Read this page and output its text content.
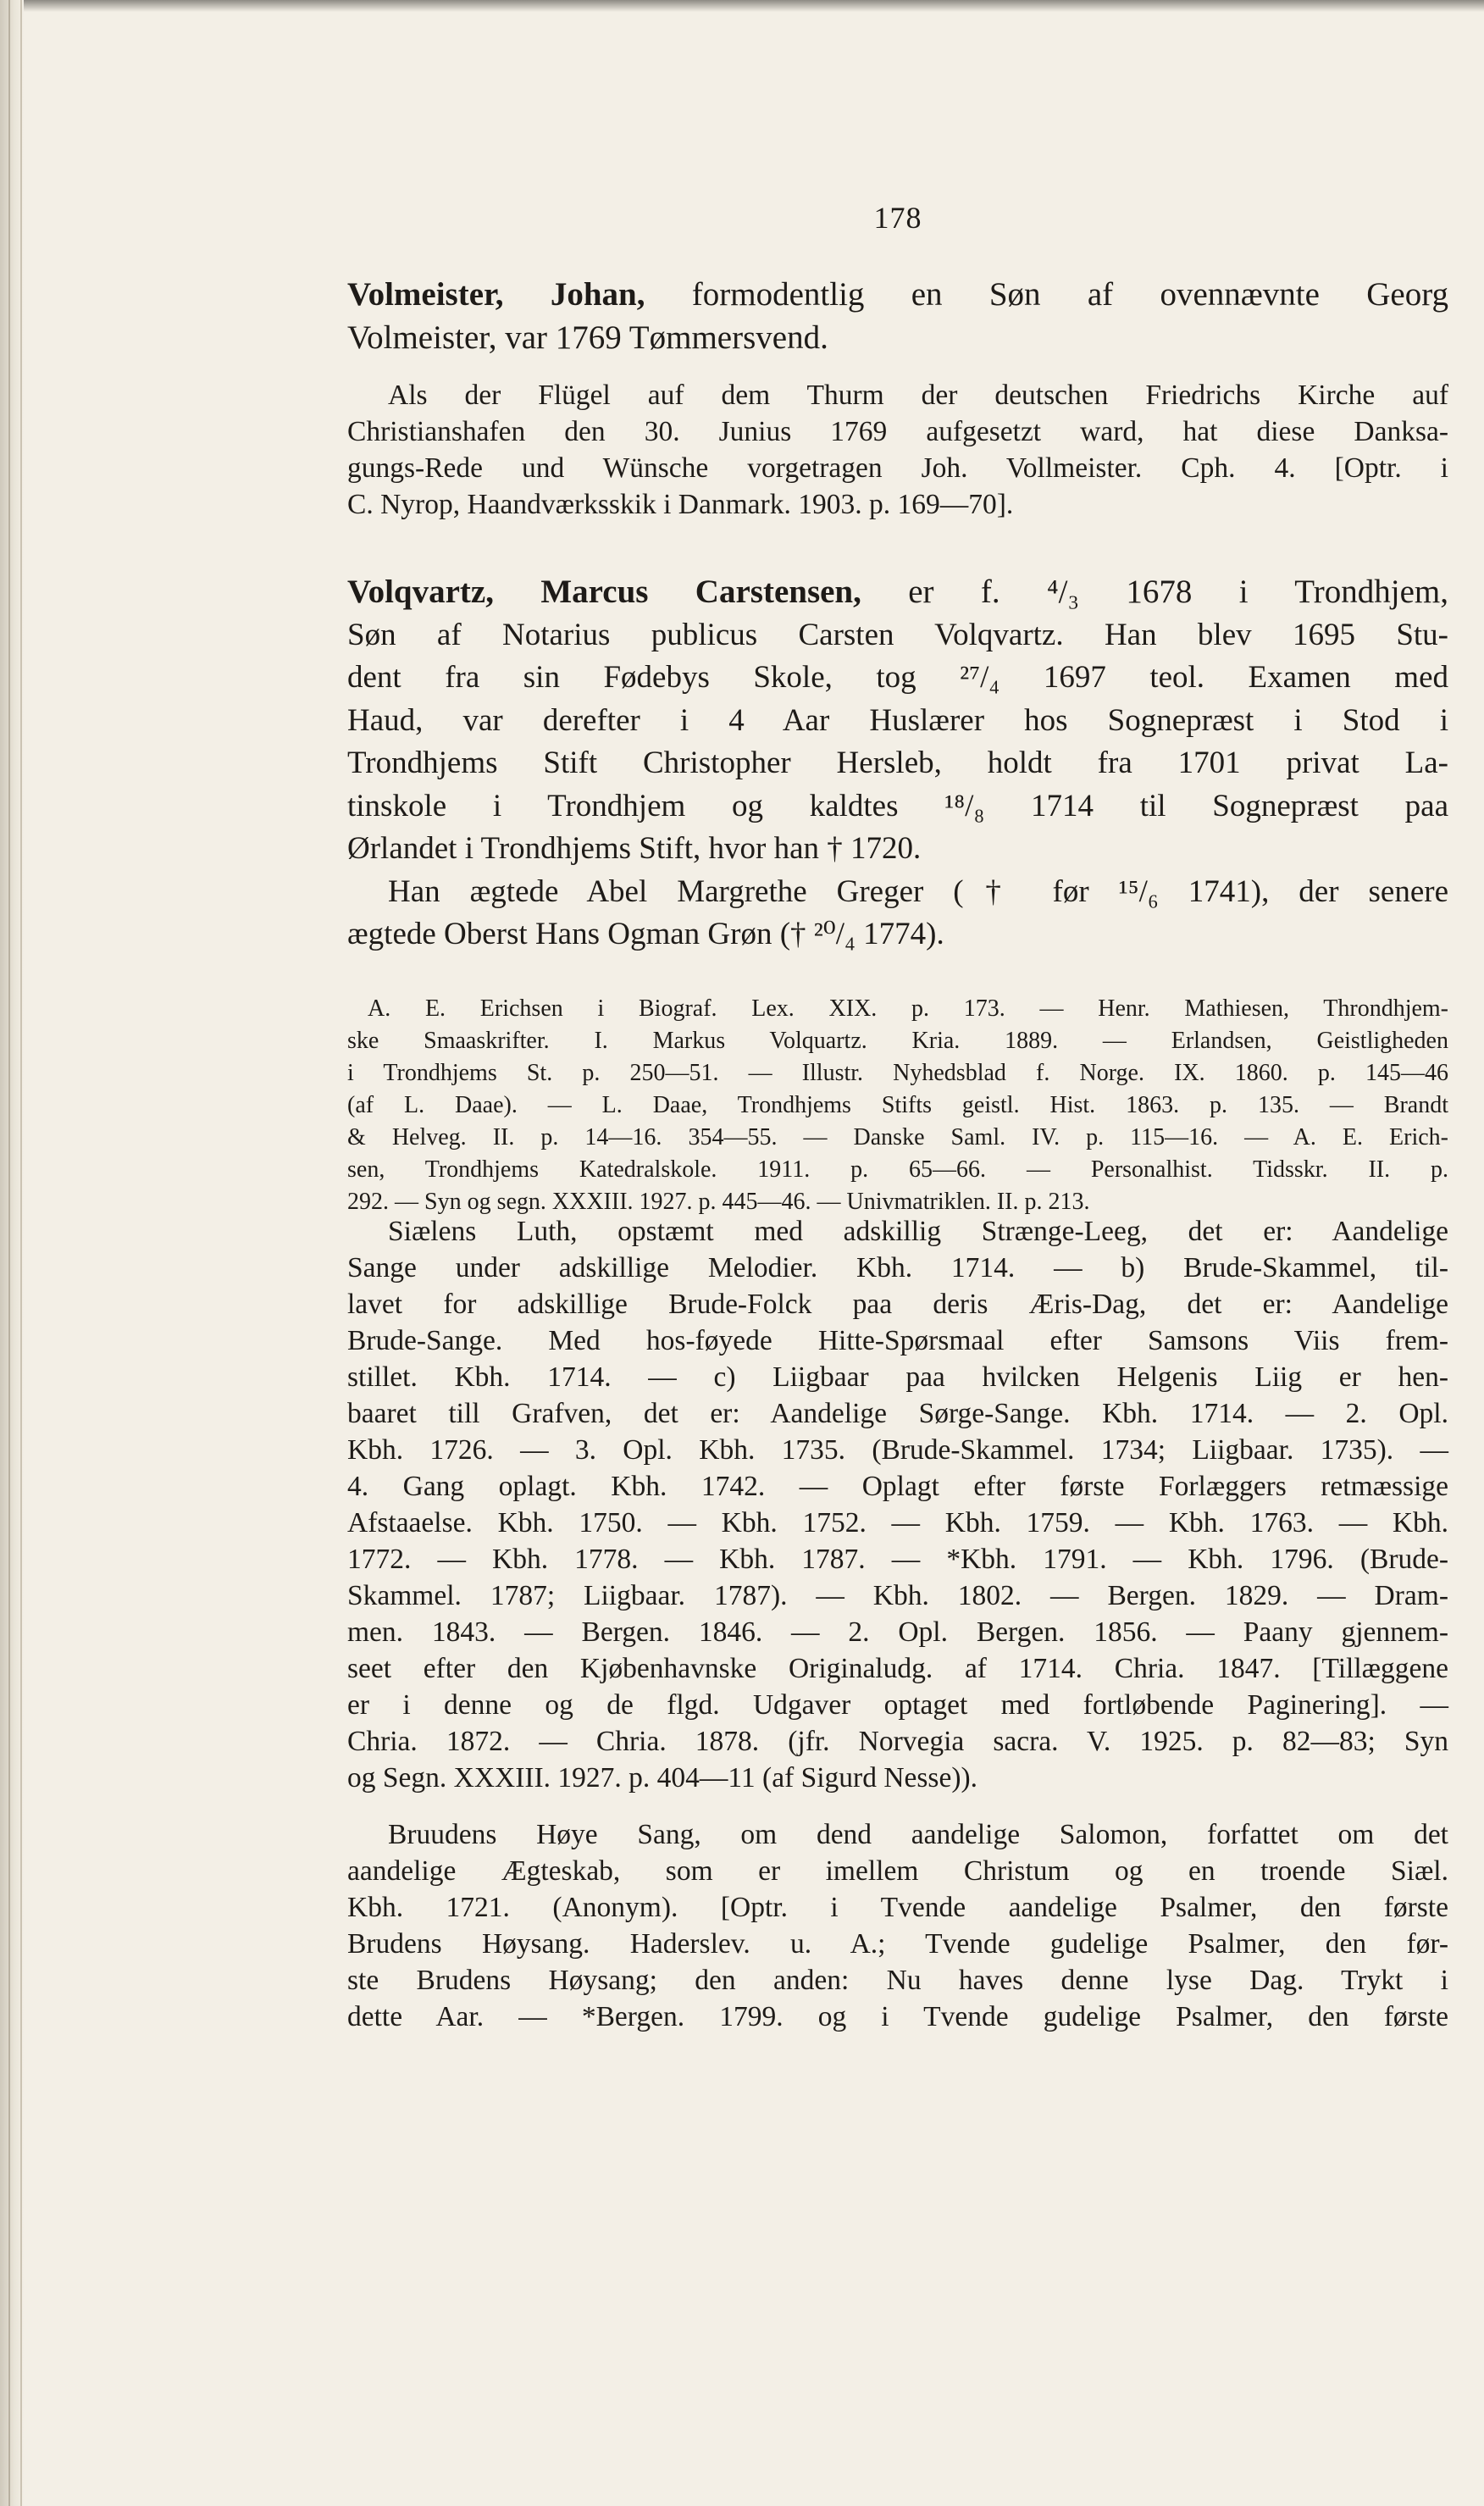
178
Volmeister, Johan, formodentlig en Søn af ovennævnte Georg
Volmeister, var 1769 Tømmersvend.
Als der Flügel auf dem Thurm der deutschen Friedrichs Kirche auf
Christianshafen den 30. Junius 1769 aufgesetzt ward, hat diese Danksa-
gungs-Rede und Wünsche vorgetragen Joh. Vollmeister. Cph. 4. [Optr. i
C. Nyrop, Haandværksskik i Danmark. 1903. p. 169—70].
Volqvartz, Marcus Carstensen, er f. ⁴/₃ 1678 i Trondhjem,
Søn af Notarius publicus Carsten Volqvartz. Han blev 1695 Stu-
dent fra sin Fødebys Skole, tog ²⁷/₄ 1697 teol. Examen med
Haud, var derefter i 4 Aar Huslærer hos Sognepræst i Stod i
Trondhjems Stift Christopher Hersleb, holdt fra 1701 privat La-
tinskole i Trondhjem og kaldtes ¹⁸/₈ 1714 til Sognepræst paa
Ørlandet i Trondhjems Stift, hvor han † 1720.
Han ægtede Abel Margrethe Greger († før ¹⁵/₆ 1741), der senere
ægtede Oberst Hans Ogman Grøn († ²⁰/₄ 1774).
A. E. Erichsen i Biograf. Lex. XIX. p. 173. — Henr. Mathiesen, Throndhjem-
ske Smaaskrifter. I. Markus Volquartz. Kria. 1889. — Erlandsen, Geistligheden
i Trondhjems St. p. 250—51. — Illustr. Nyhedsblad f. Norge. IX. 1860. p. 145—46
(af L. Daae). — L. Daae, Trondhjems Stifts geistl. Hist. 1863. p. 135. — Brandt
& Helveg. II. p. 14—16. 354—55. — Danske Saml. IV. p. 115—16. — A. E. Erich-
sen, Trondhjems Katedralskole. 1911. p. 65—66. — Personalhist. Tidsskr. II. p.
292. — Syn og segn. XXXIII. 1927. p. 445—46. — Univmatriklen. II. p. 213.
Siælens Luth, opstæmt med adskillig Strænge-Leeg, det er: Aandelige
Sange under adskillige Melodier. Kbh. 1714. — b) Brude-Skammel, til-
lavet for adskillige Brude-Folck paa deris Æris-Dag, det er: Aandelige
Brude-Sange. Med hos-føyede Hitte-Spørsmaal efter Samsons Viis frem-
stillet. Kbh. 1714. — c) Liigbaar paa hvilcken Helgenis Liig er hen-
baaret till Grafven, det er: Aandelige Sørge-Sange. Kbh. 1714. — 2. Opl.
Kbh. 1726. — 3. Opl. Kbh. 1735. (Brude-Skammel. 1734; Liigbaar. 1735). —
4. Gang oplagt. Kbh. 1742. — Oplagt efter første Forlæggers retmæssige
Afstaaelse. Kbh. 1750. — Kbh. 1752. — Kbh. 1759. — Kbh. 1763. — Kbh.
1772. — Kbh. 1778. — Kbh. 1787. — *Kbh. 1791. — Kbh. 1796. (Brude-
Skammel. 1787; Liigbaar. 1787). — Kbh. 1802. — Bergen. 1829. — Dram-
men. 1843. — Bergen. 1846. — 2. Opl. Bergen. 1856. — Paany gjennem-
seet efter den Kjøbenhavnske Originaludg. af 1714. Chria. 1847. [Tillæggene
er i denne og de flgd. Udgaver optaget med fortløbende Paginering]. —
Chria. 1872. — Chria. 1878. (jfr. Norvegia sacra. V. 1925. p. 82—83; Syn
og Segn. XXXIII. 1927. p. 404—11 (af Sigurd Nesse)).
Bruudens Høye Sang, om dend aandelige Salomon, forfattet om det
aandelige Ægteskab, som er imellem Christum og en troende Siæl.
Kbh. 1721. (Anonym). [Optr. i Tvende aandelige Psalmer, den første
Brudens Høysang. Haderslev. u. A.; Tvende gudelige Psalmer, den før-
ste Brudens Høysang; den anden: Nu haves denne lyse Dag. Trykt i
dette Aar. — *Bergen. 1799. og i Tvende gudelige Psalmer, den første
